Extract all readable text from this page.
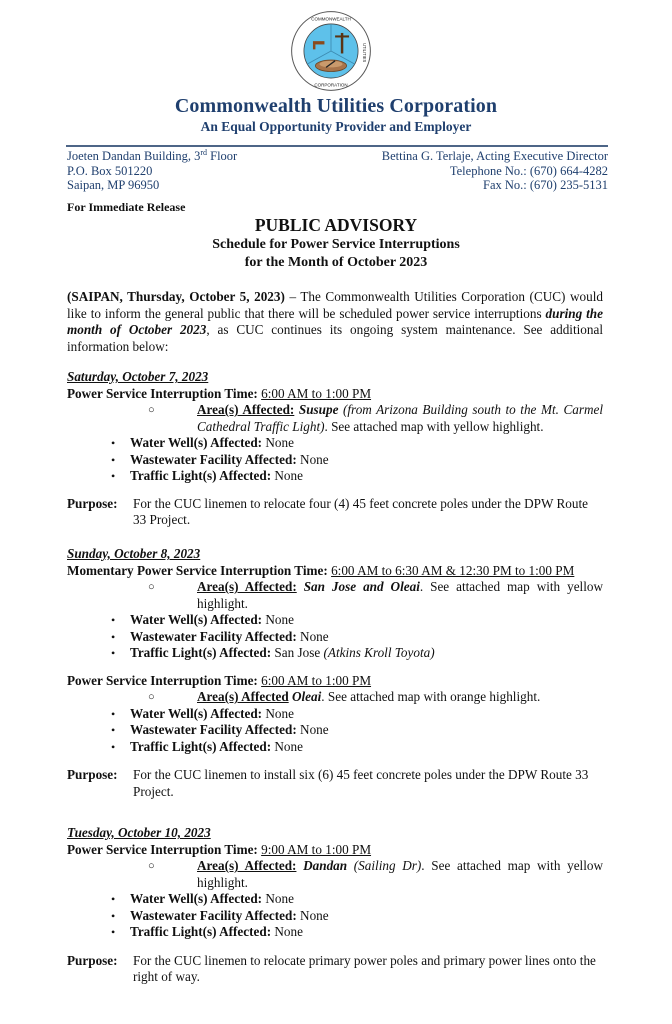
COMMONWEALTH
CORPORATION
UTILITIES
Commonwealth Utilities Corporation
An Equal Opportunity Provider and Employer
Joeten Dandan Building, 3rd Floor
P.O. Box 501220
Saipan, MP 96950
Bettina G. Terlaje, Acting Executive Director
Telephone No.: (670) 664-4282
Fax No.: (670) 235-5131
For Immediate Release
PUBLIC ADVISORY
Schedule for Power Service Interruptions
for the Month of October 2023
(SAIPAN, Thursday, October 5, 2023) – The Commonwealth Utilities Corporation (CUC) would like to inform the general public that there will be scheduled power service interruptions during the month of October 2023, as CUC continues its ongoing system maintenance. See additional information below:
Saturday, October 7, 2023
Power Service Interruption Time: 6:00 AM to 1:00 PM
○	Area(s) Affected: Susupe (from Arizona Building south to the Mt. Carmel Cathedral Traffic Light). See attached map with yellow highlight.
• Water Well(s) Affected: None
• Wastewater Facility Affected: None
• Traffic Light(s) Affected: None
Purpose: For the CUC linemen to relocate four (4) 45 feet concrete poles under the DPW Route 33 Project.
Sunday, October 8, 2023
Momentary Power Service Interruption Time: 6:00 AM to 6:30 AM & 12:30 PM to 1:00 PM
○	Area(s) Affected: San Jose and Oleai. See attached map with yellow highlight.
• Water Well(s) Affected: None
• Wastewater Facility Affected: None
• Traffic Light(s) Affected: San Jose (Atkins Kroll Toyota)
Power Service Interruption Time: 6:00 AM to 1:00 PM
○	Area(s) Affected Oleai. See attached map with orange highlight.
• Water Well(s) Affected: None
• Wastewater Facility Affected: None
• Traffic Light(s) Affected: None
Purpose: For the CUC linemen to install six (6) 45 feet concrete poles under the DPW Route 33 Project.
Tuesday, October 10, 2023
Power Service Interruption Time: 9:00 AM to 1:00 PM
○	Area(s) Affected: Dandan (Sailing Dr). See attached map with yellow highlight.
• Water Well(s) Affected: None
• Wastewater Facility Affected: None
• Traffic Light(s) Affected: None
Purpose: For the CUC linemen to relocate primary power poles and primary power lines onto the right of way.
